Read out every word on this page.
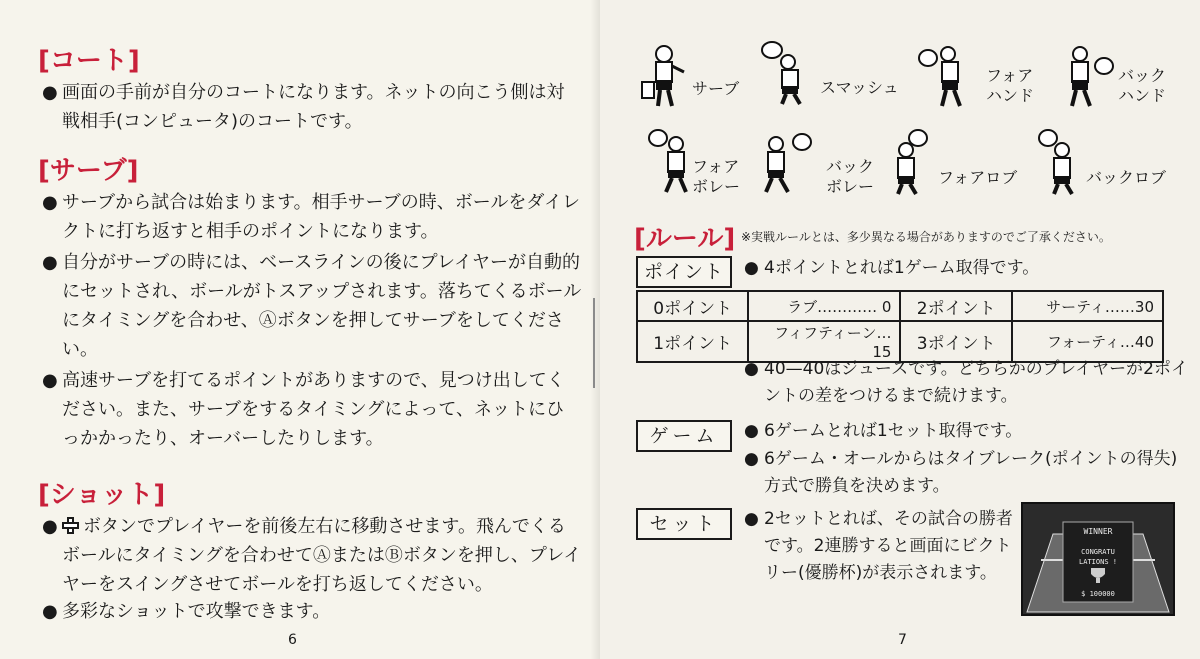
[コート]

● 画面の手前が自分のコートになります。ネットの向こう側は対戦相手(コンピュータ)のコートです。

[サーブ]

● サーブから試合は始まります。相手サーブの時、ボールをダイレクトに打ち返すと相手のポイントになります。

● 自分がサーブの時には、ベースラインの後にプレイヤーが自動的にセットされ、ボールがトスアップされます。落ちてくるボールにタイミングを合わせ、Ⓐボタンを押してサーブをしてください。

● 高速サーブを打てるポイントがありますので、見つけ出してください。また、サーブをするタイミングによって、ネットにひっかかったり、オーバーしたりします。

[ショット]

● ボタンでプレイヤーを前後左右に移動させます。飛んでくるボールにタイミングを合わせてⒶまたはⒷボタンを押し、プレイヤーをスイングさせてボールを打ち返してください。

● 多彩なショットで攻撃できます。

6
サーブ	スマッシュ
フォア
ハンド
バック
ハンド
フォア
ボレー
バック
ボレー	フォアロブ	バックロブ
[ルール] ※実戦ルールとは、多少異なる場合がありますのでご了承ください。
ポイント	● 4ポイントとれば1ゲーム取得です。

0ポイント	ラブ………… 0	2ポイント	サーティ……30
1ポイント	フィフティーン…15	3ポイント	フォーティ…40

● 40—40はジュースです。どちらかのプレイヤーが2ポイントの差をつけるまで続けます。

ゲーム	● 6ゲームとれば1セット取得です。

● 6ゲーム・オールからはタイブレーク(ポイントの得失)方式で勝負を決めます。

セット	● 2セットとれば、その試合の勝者です。2連勝すると画面にビクトリー(優勝杯)が表示されます。

WINNER
CONGRATU
LATIONS !
$ 100000
7
